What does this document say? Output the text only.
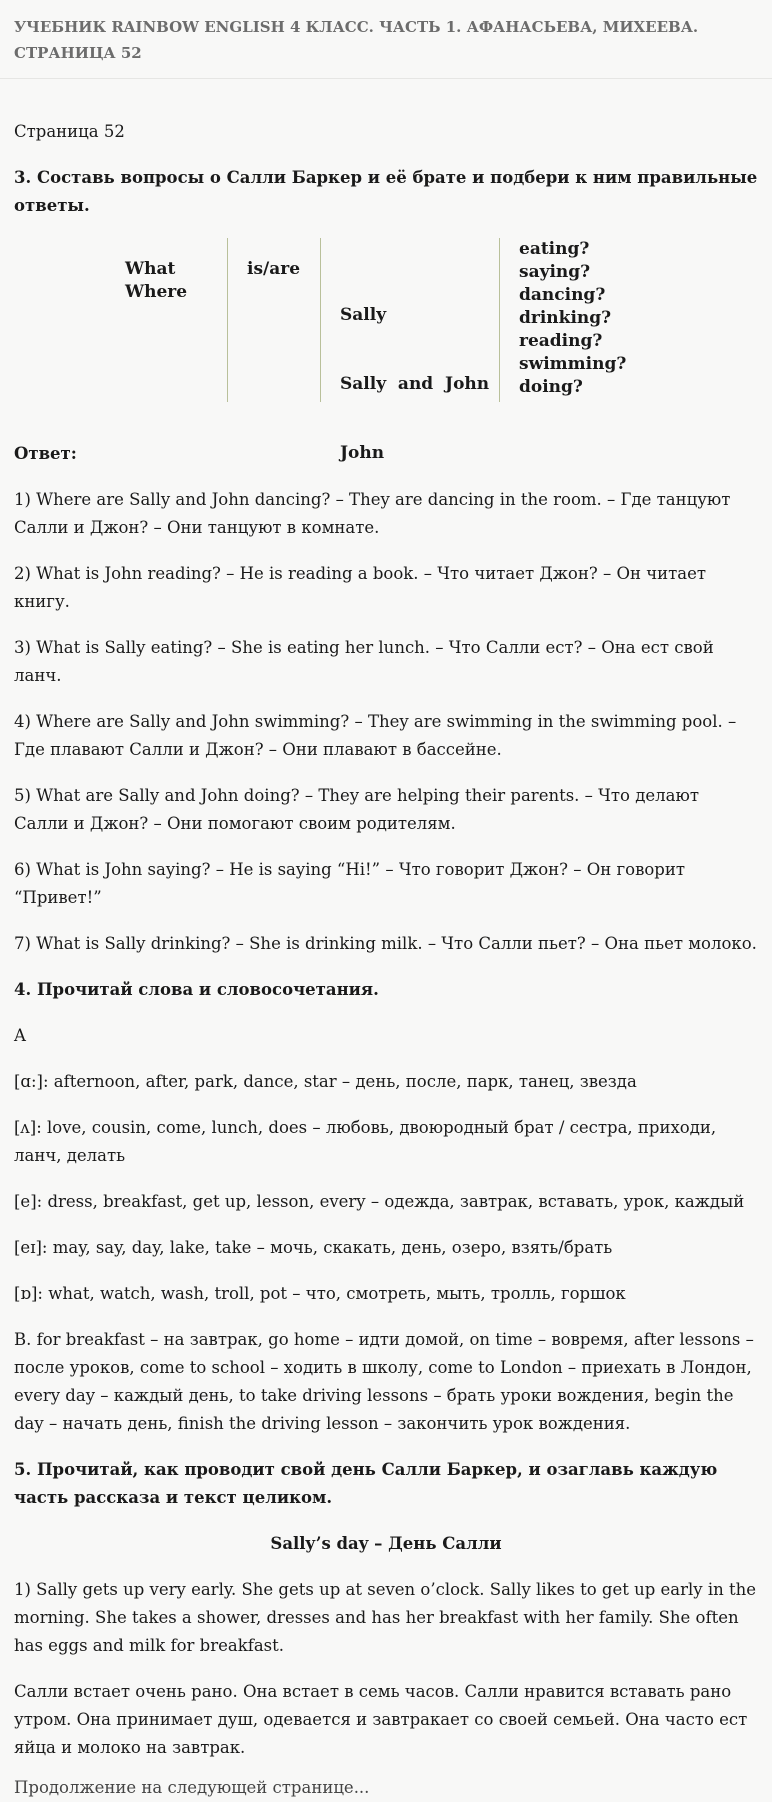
УЧЕБНИК RAINBOW ENGLISH 4 КЛАСС. ЧАСТЬ 1. АФАНАСЬЕВА, МИХЕЕВА. СТРАНИЦА 52

Страница 52

3. Составь вопросы о Салли Баркер и её брате и подбери к ним правильные ответы.

What
Where
is/are

Sally

Sally  and  John

John

eating?
saying?
dancing?
drinking?
reading?
swimming?
doing?

Ответ:

1) Where are Sally and John dancing? – They are dancing in the room. – Где танцуют Салли и Джон? – Они танцуют в комнате.

2) What is John reading? – He is reading a book. – Что читает Джон? – Он читает книгу.

3) What is Sally eating? – She is eating her lunch. – Что Салли ест? – Она ест свой ланч.

4) Where are Sally and John swimming? – They are swimming in the swimming pool. – Где плавают Салли и Джон? – Они плавают в бассейне.

5) What are Sally and John doing? – They are helping their parents. – Что делают Салли и Джон? – Они помогают своим родителям.

6) What is John saying? – He is saying “Hi!” – Что говорит Джон? – Он говорит “Привет!”

7) What is Sally drinking? – She is drinking milk. – Что Салли пьет? – Она пьет молоко.

4. Прочитай слова и словосочетания.

A

[ɑ:]: afternoon, after, park, dance, star – день, после, парк, танец, звезда

[ʌ]: love, cousin, come, lunch, does – любовь, двоюродный брат / сестра, приходи, ланч, делать

[e]: dress, breakfast, get up, lesson, every – одежда, завтрак, вставать, урок, каждый

[eɪ]: may, say, day, lake, take – мочь, скакать, день, озеро, взять/брать

[ɒ]: what, watch, wash, troll, pot – что, смотреть, мыть, тролль, горшок

B. for breakfast – на завтрак, go home – идти домой, on time – вовремя, after lessons – после уроков, come to school – ходить в школу, come to London – приехать в Лондон, every day – каждый день, to take driving lessons – брать уроки вождения, begin the day – начать день, finish the driving lesson – закончить урок вождения.

5. Прочитай, как проводит свой день Салли Баркер, и озаглавь каждую часть рассказа и текст целиком.

Sally’s day – День Салли

1) Sally gets up very early. She gets up at seven o’clock. Sally likes to get up early in the morning. She takes a shower, dresses and has her breakfast with her family. She often has eggs and milk for breakfast.

Салли встает очень рано. Она встает в семь часов. Салли нравится вставать рано утром. Она принимает душ, одевается и завтракает со своей семьей. Она часто ест яйца и молоко на завтрак.

Продолжение на следующей странице...
